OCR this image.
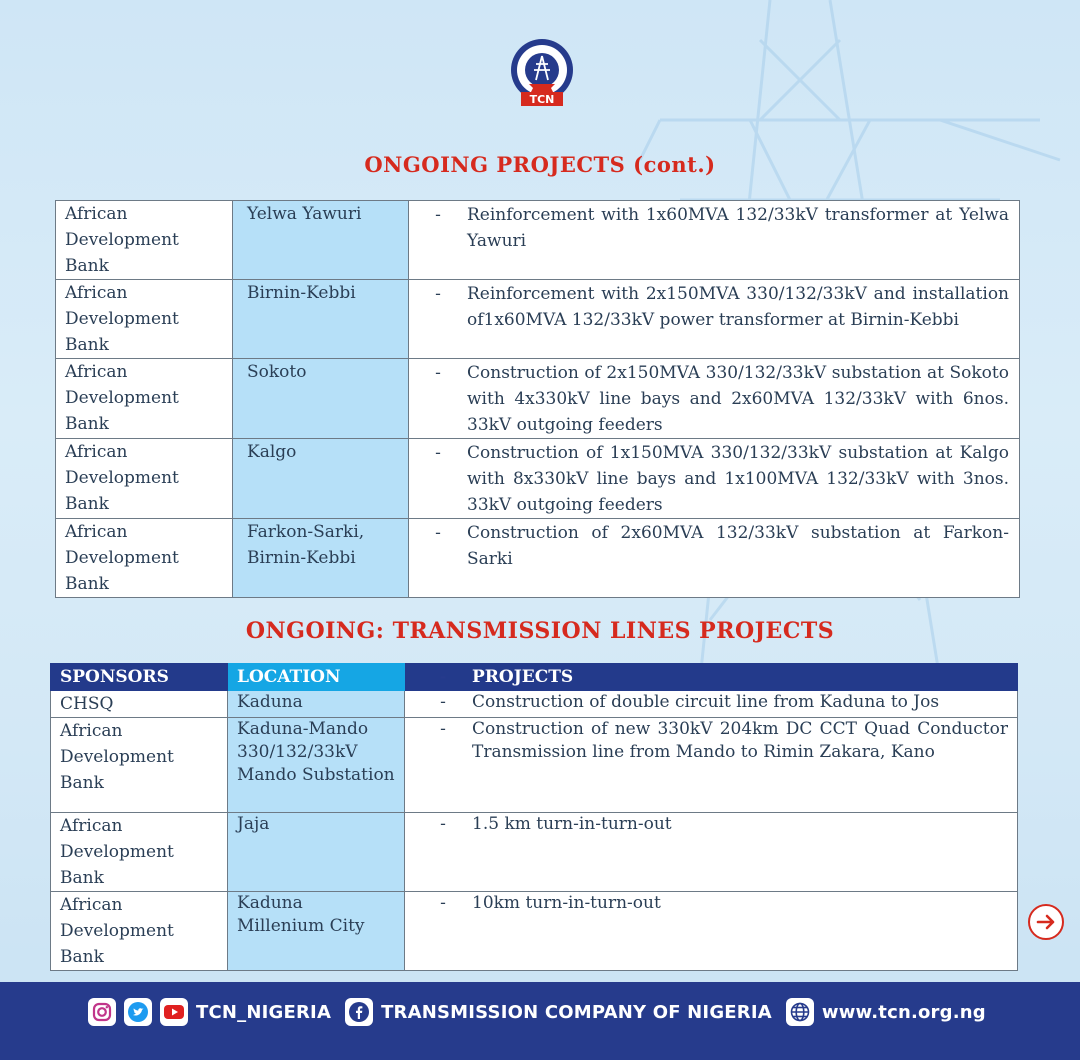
TCN
ONGOING PROJECTS (cont.)
African Development Bank	Yelwa Yawuri	- Reinforcement with 1x60MVA 132/33kV transformer at Yelwa Yawuri

African Development Bank	Birnin-Kebbi	- Reinforcement with 2x150MVA 330/132/33kV and installation of1x60MVA 132/33kV power transformer at Birnin-Kebbi

African Development Bank	Sokoto	- Construction of 2x150MVA 330/132/33kV substation at Sokoto with 4x330kV line bays and 2x60MVA 132/33kV with 6nos. 33kV outgoing feeders

African Development Bank	Kalgo	- Construction of 1x150MVA 330/132/33kV substation at Kalgo with 8x330kV line bays and 1x100MVA 132/33kV with 3nos. 33kV outgoing feeders

African Development Bank	Farkon-Sarki, Birnin-Kebbi	- Construction of 2x60MVA 132/33kV substation at Farkon-Sarki
ONGOING: TRANSMISSION LINES PROJECTS
SPONSORS	LOCATION	- PROJECTS

CHSQ	Kaduna	- Construction of double circuit line from Kaduna to Jos

African Development Bank	Kaduna-Mando 330/132/33kV Mando Substation	- Construction of new 330kV 204km DC CCT Quad Conductor Transmission line from Mando to Rimin Zakara, Kano

African Development Bank	Jaja	- 1.5 km turn-in-turn-out

African Development Bank	Kaduna Millenium City	- 10km turn-in-turn-out
TCN_NIGERIA	TRANSMISSION COMPANY OF NIGERIA	www.tcn.org.ng
